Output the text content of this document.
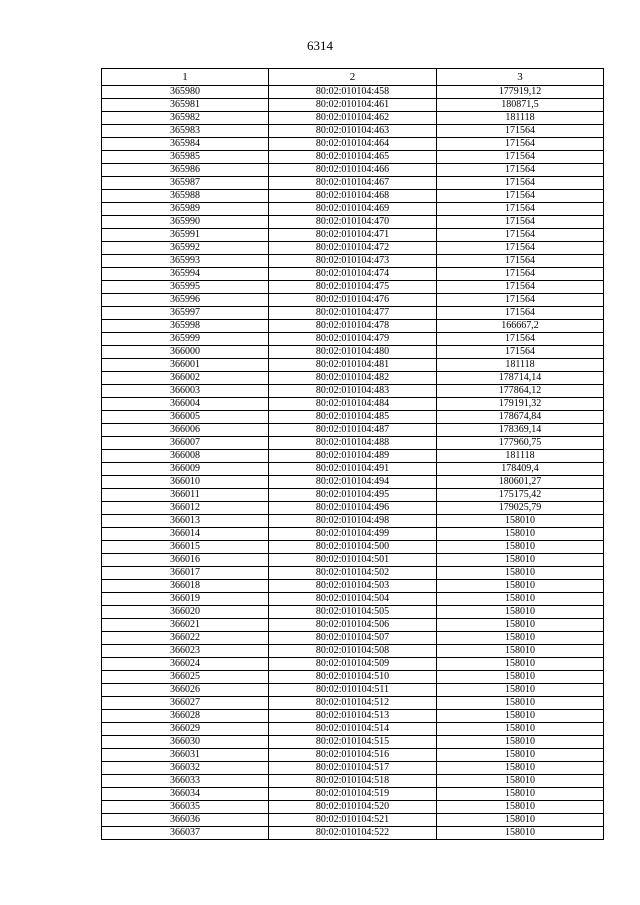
6314
1	2	3
365980	80:02:010104:458	177919,12
365981	80:02:010104:461	180871,5
365982	80:02:010104:462	181118
365983	80:02:010104:463	171564
365984	80:02:010104:464	171564
365985	80:02:010104:465	171564
365986	80:02:010104:466	171564
365987	80:02:010104:467	171564
365988	80:02:010104:468	171564
365989	80:02:010104:469	171564
365990	80:02:010104:470	171564
365991	80:02:010104:471	171564
365992	80:02:010104:472	171564
365993	80:02:010104:473	171564
365994	80:02:010104:474	171564
365995	80:02:010104:475	171564
365996	80:02:010104:476	171564
365997	80:02:010104:477	171564
365998	80:02:010104:478	166667,2
365999	80:02:010104:479	171564
366000	80:02:010104:480	171564
366001	80:02:010104:481	181118
366002	80:02:010104:482	178714,14
366003	80:02:010104:483	177864,12
366004	80:02:010104:484	179191,32
366005	80:02:010104:485	178674,84
366006	80:02:010104:487	178369,14
366007	80:02:010104:488	177960,75
366008	80:02:010104:489	181118
366009	80:02:010104:491	178409,4
366010	80:02:010104:494	180601,27
366011	80:02:010104:495	175175,42
366012	80:02:010104:496	179025,79
366013	80:02:010104:498	158010
366014	80:02:010104:499	158010
366015	80:02:010104:500	158010
366016	80:02:010104:501	158010
366017	80:02:010104:502	158010
366018	80:02:010104:503	158010
366019	80:02:010104:504	158010
366020	80:02:010104:505	158010
366021	80:02:010104:506	158010
366022	80:02:010104:507	158010
366023	80:02:010104:508	158010
366024	80:02:010104:509	158010
366025	80:02:010104:510	158010
366026	80:02:010104:511	158010
366027	80:02:010104:512	158010
366028	80:02:010104:513	158010
366029	80:02:010104:514	158010
366030	80:02:010104:515	158010
366031	80:02:010104:516	158010
366032	80:02:010104:517	158010
366033	80:02:010104:518	158010
366034	80:02:010104:519	158010
366035	80:02:010104:520	158010
366036	80:02:010104:521	158010
366037	80:02:010104:522	158010
